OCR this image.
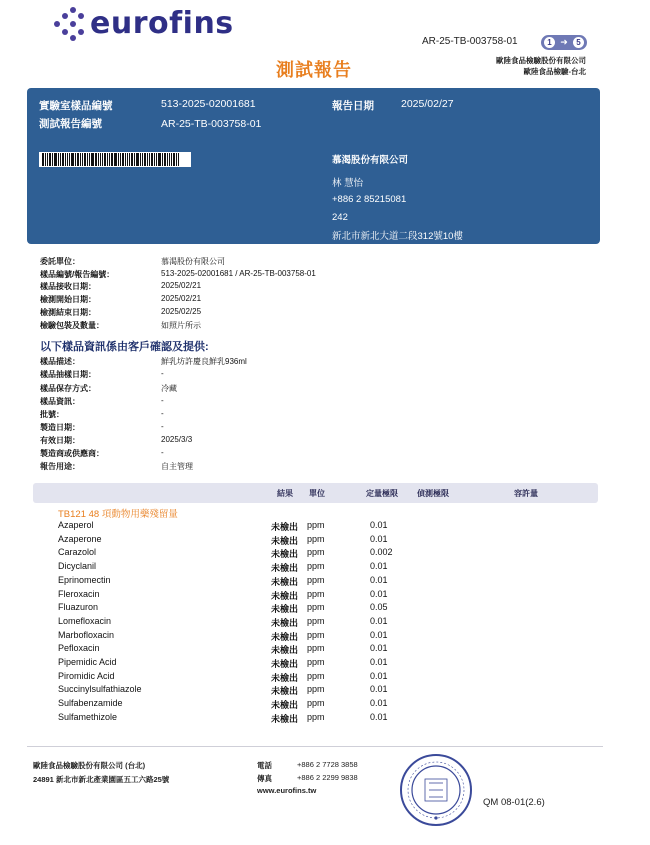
eurofins
AR-25-TB-003758-01	1 ➜	5
歐陸食品檢驗股份有限公司
歐陸食品檢驗-台北
測試報告
實驗室樣品編號	513-2025-02001681	報告日期	2025/02/27
測試報告編號	AR-25-TB-003758-01
慕渴股份有限公司
林 慧怡
+886 2 85215081
242
新北市新北大道二段312號10樓
委託單位：	慕渴股份有限公司
樣品編號/報告編號：	513-2025-02001681 / AR-25-TB-003758-01
樣品接收日期：	2025/02/21
檢測開始日期：	2025/02/21
檢測結束日期：	2025/02/25
檢驗包裝及數量：	如照片所示
以下樣品資訊係由客戶確認及提供:
樣品描述：	鮮乳坊許慶良鮮乳936ml
樣品抽樣日期：	-
樣品保存方式：	冷藏
樣品資訊：	-
批號：	-
製造日期：	-
有效日期：	2025/3/3
製造商或供應商：	-
報告用途：	自主管理
結果 單位	定量極限 偵測極限	容許量
TB121 48 項動物用藥殘留量
Azaperol	未檢出 ppm	0.01
Azaperone	未檢出 ppm	0.01
Carazolol	未檢出 ppm	0.002
Dicyclanil	未檢出 ppm	0.01
Eprinomectin	未檢出 ppm	0.01
Fleroxacin	未檢出 ppm	0.01
Fluazuron	未檢出 ppm	0.05
Lomefloxacin	未檢出 ppm	0.01
Marbofloxacin	未檢出 ppm	0.01
Pefloxacin	未檢出 ppm	0.01
Pipemidic Acid	未檢出 ppm	0.01
Piromidic Acid	未檢出 ppm	0.01
Succinylsulfathiazole	未檢出 ppm	0.01
Sulfabenzamide	未檢出 ppm	0.01
Sulfamethizole	未檢出 ppm	0.01
歐陸食品檢驗股份有限公司 (台北)
24891 新北市新北產業園區五工六路25號
電話	+886 2 7728 3858
傳真	+886 2 2299 9838
www.eurofins.tw
QM 08-01(2.6)
